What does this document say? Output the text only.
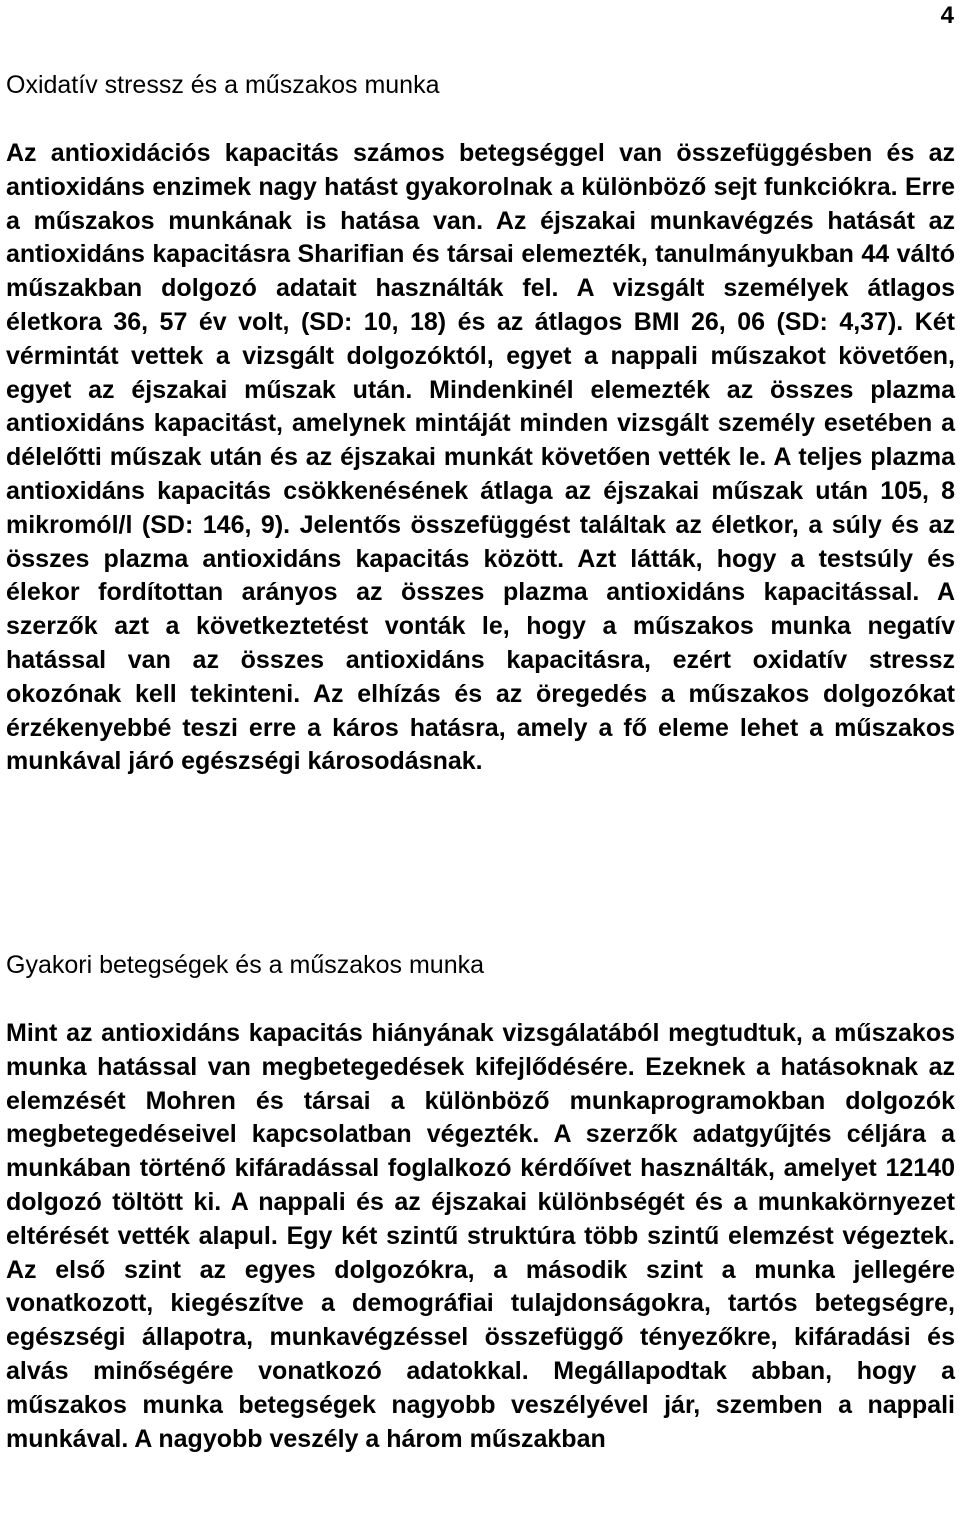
4
Oxidatív stressz és a műszakos munka

Az antioxidációs kapacitás számos betegséggel van összefüggésben és az antioxidáns enzimek nagy hatást gyakorolnak a különböző sejt funkciókra. Erre a műszakos munkának is hatása van. Az éjszakai munkavégzés hatását az antioxidáns kapacitásra Sharifian és társai elemezték, tanulmányukban 44 váltó műszakban dolgozó adatait használták fel. A vizsgált személyek átlagos életkora 36, 57 év volt, (SD: 10, 18) és az átlagos BMI 26, 06 (SD: 4,37). Két vérmintát vettek a vizsgált dolgozóktól, egyet a nappali műszakot követően, egyet az éjszakai műszak után. Mindenkinél elemezték az összes plazma antioxidáns kapacitást, amelynek mintáját minden vizsgált személy esetében a délelőtti műszak után és az éjszakai munkát követően vették le. A teljes plazma antioxidáns kapacitás csökkenésének átlaga az éjszakai műszak után 105, 8 mikromól/l (SD: 146, 9). Jelentős összefüggést találtak az életkor, a súly és az összes plazma antioxidáns kapacitás között. Azt látták, hogy a testsúly és élekor fordítottan arányos az összes plazma antioxidáns kapacitással. A szerzők azt a következtetést vonták le, hogy a műszakos munka negatív hatással van az összes antioxidáns kapacitásra, ezért oxidatív stressz okozónak kell tekinteni. Az elhízás és az öregedés a műszakos dolgozókat érzékenyebbé teszi erre a káros hatásra, amely a fő eleme lehet a műszakos munkával járó egészségi károsodásnak.

Gyakori betegségek és a műszakos munka

Mint az antioxidáns kapacitás hiányának vizsgálatából megtudtuk, a műszakos munka hatással van megbetegedések kifejlődésére. Ezeknek a hatásoknak az elemzését Mohren és társai a különböző munkaprogramokban dolgozók megbetegedéseivel kapcsolatban végezték. A szerzők adatgyűjtés céljára a munkában történő kifáradással foglalkozó kérdőívet használták, amelyet 12140 dolgozó töltött ki. A nappali és az éjszakai különbségét és a munkakörnyezet eltérését vették alapul. Egy két szintű struktúra több szintű elemzést végeztek. Az első szint az egyes dolgozókra, a második szint a munka jellegére vonatkozott, kiegészítve a demográfiai tulajdonságokra, tartós betegségre, egészségi állapotra, munkavégzéssel összefüggő tényezőkre, kifáradási és alvás minőségére vonatkozó adatokkal. Megállapodtak abban, hogy a műszakos munka betegségek nagyobb veszélyével jár, szemben a nappali munkával. A nagyobb veszély a három műszakban
